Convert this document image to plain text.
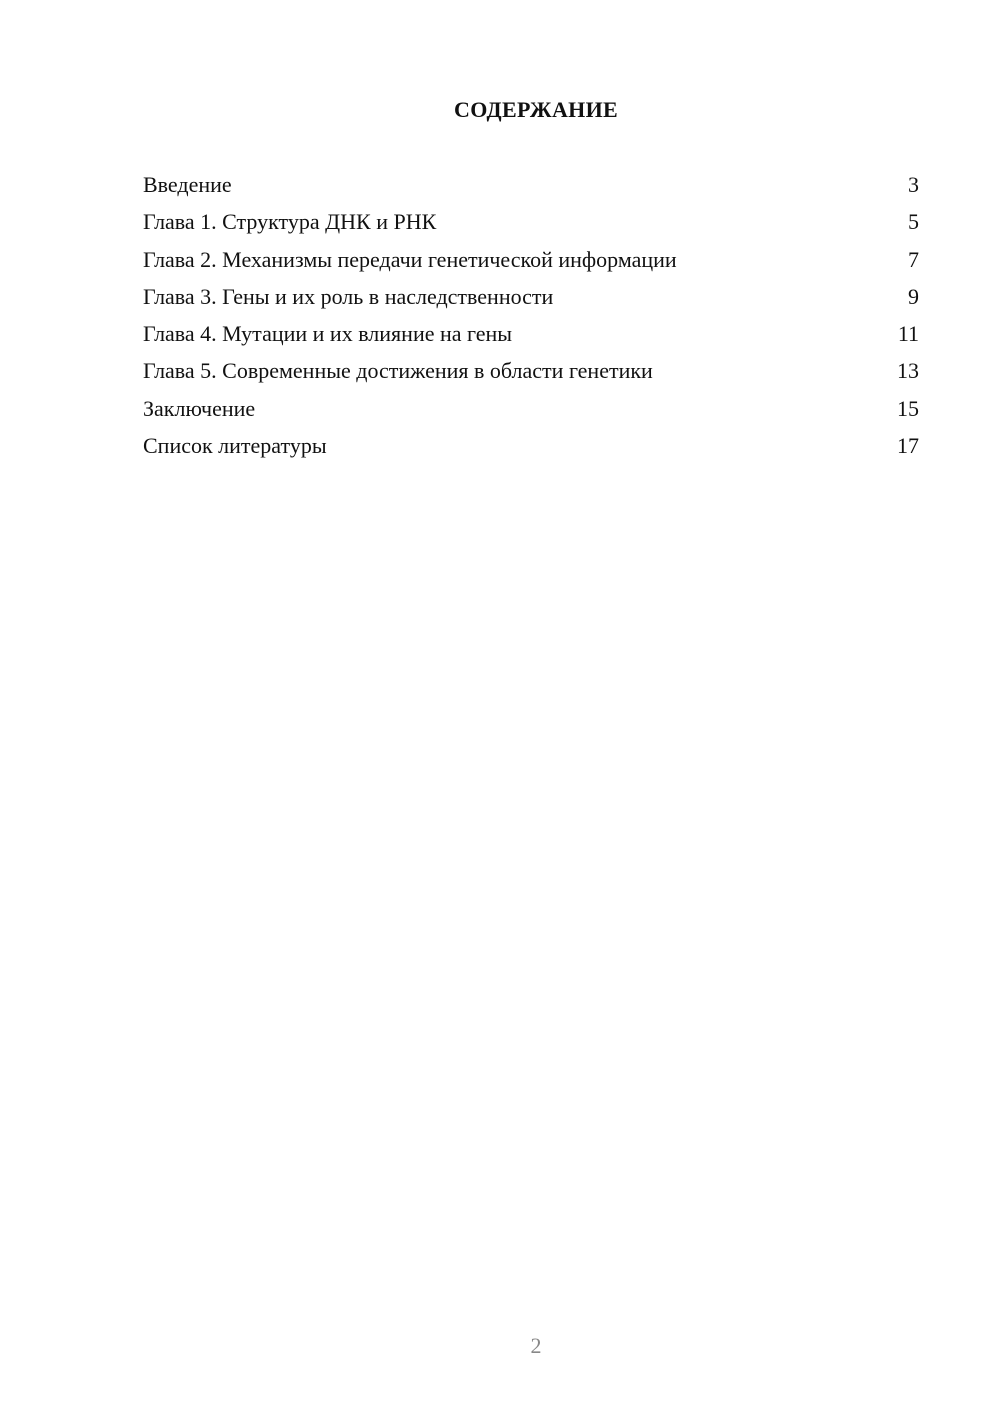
СОДЕРЖАНИЕ
Введение	3
Глава 1. Структура ДНК и РНК	5
Глава 2. Механизмы передачи генетической информации	7
Глава 3. Гены и их роль в наследственности	9
Глава 4. Мутации и их влияние на гены	11
Глава 5. Современные достижения в области генетики	13
Заключение	15
Список литературы	17
2
